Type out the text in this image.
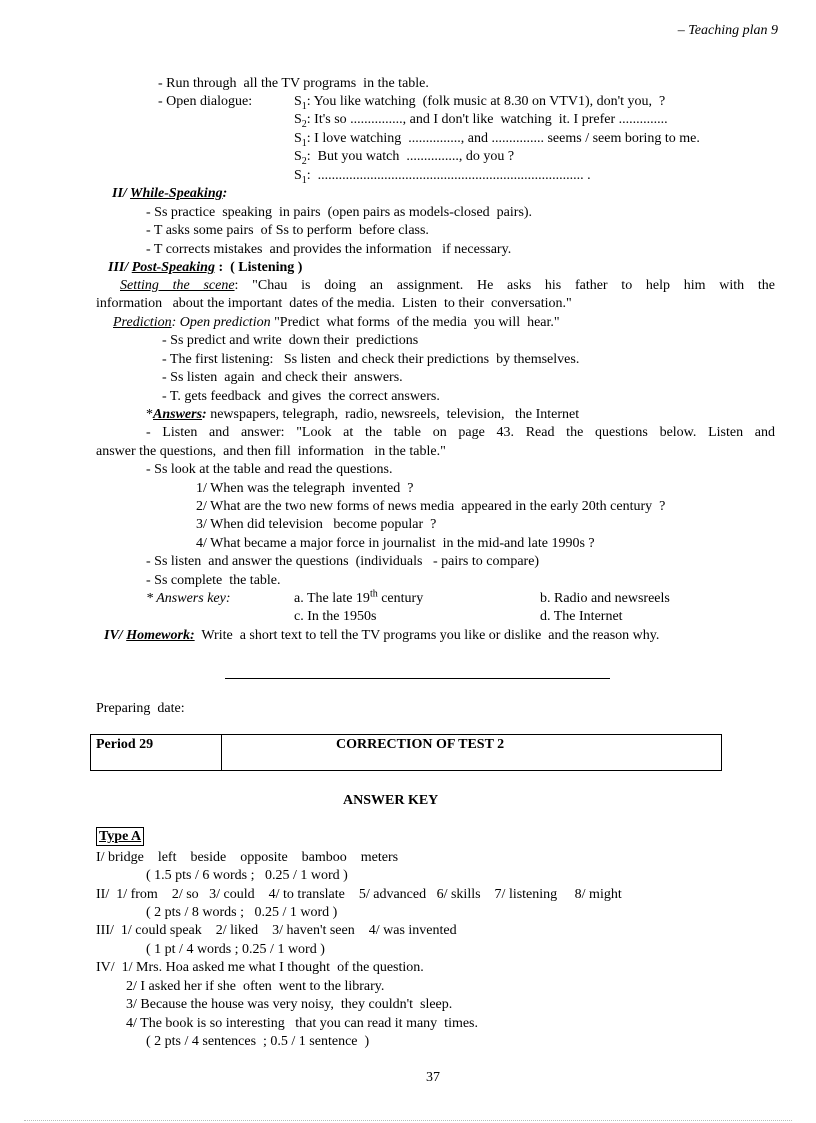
– Teaching plan 9
- Run through  all the TV programs  in the table.
- Open dialogue:	$S_1$: You like watching  (folk music at 8.30 on VTV1), don't you,  ?
$S_2$: It's so ..............., and I don't like  watching  it. I prefer ..............
$S_1$: I love watching  ..............., and ............... seems / seem boring to me.
$S_2$:  But you watch  ..............., do you ?
$S_1$:  ............................................................................ .
II/ While-Speaking:
- Ss practice  speaking  in pairs  (open pairs as models-closed  pairs).
- T asks some pairs  of Ss to perform  before class.
- T corrects mistakes  and provides the information   if necessary.
III/ Post-Speaking :  ( Listening )
Setting the scene: "Chau is doing an assignment. He asks his father to help him with the
information   about the important  dates of the media.  Listen  to their  conversation."
Prediction: Open prediction "Predict  what forms  of the media  you will  hear."
- Ss predict and write  down their  predictions
- The first listening:   Ss listen  and check their predictions  by themselves.
- Ss listen  again  and check their  answers.
- T. gets feedback  and gives  the correct answers.
*Answers: newspapers, telegraph,  radio, newsreels,  television,   the Internet
- Listen and answer: "Look at the table on page 43. Read the questions below. Listen and
answer the questions,  and then fill  information   in the table."
- Ss look at the table and read the questions.
1/ When was the telegraph  invented  ?
2/ What are the two new forms of news media  appeared in the early 20th century  ?
3/ When did television   become popular  ?
4/ What became a major force in journalist  in the mid-and late 1990s ?
- Ss listen  and answer the questions  (individuals   - pairs to compare)
- Ss complete  the table.
* Answers key:	a. The late 19th century	b. Radio and newsreels
c. In the 1950s	d. The Internet
IV/ Homework:  Write  a short text to tell the TV programs you like or dislike  and the reason why.
Preparing  date:
Period 29	CORRECTION OF TEST 2
ANSWER KEY
Type A
I/ bridge    left    beside    opposite    bamboo    meters
( 1.5 pts / 6 words ;   0.25 / 1 word )
II/  1/ from    2/ so   3/ could    4/ to translate    5/ advanced   6/ skills    7/ listening     8/ might
( 2 pts / 8 words ;   0.25 / 1 word )
III/  1/ could speak    2/ liked    3/ haven't seen    4/ was invented
( 1 pt / 4 words ; 0.25 / 1 word )
IV/  1/ Mrs. Hoa asked me what I thought  of the question.
2/ I asked her if she  often  went to the library.
3/ Because the house was very noisy,  they couldn't  sleep.
4/ The book is so interesting   that you can read it many  times.
( 2 pts / 4 sentences  ; 0.5 / 1 sentence  )
37
